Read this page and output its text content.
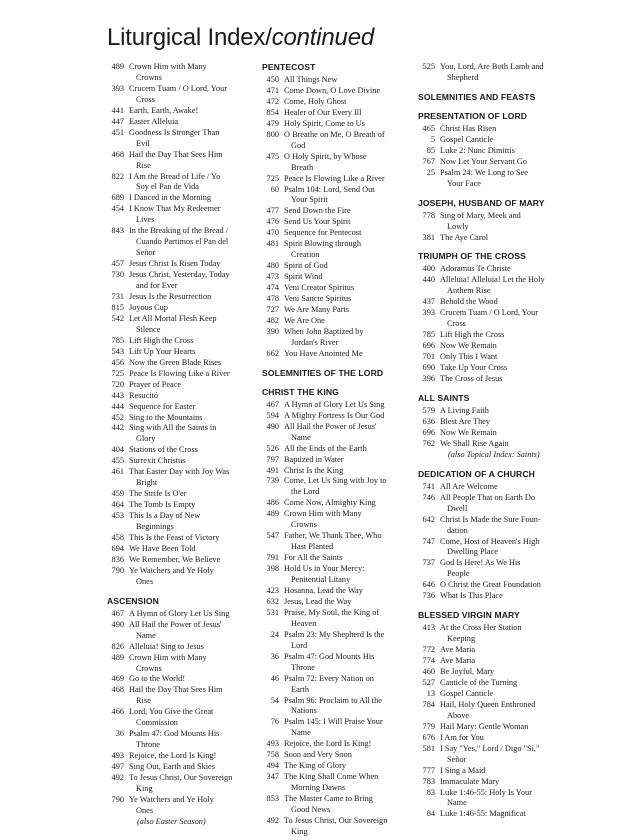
Liturgical Index/continued
489 Crown Him with Many
Crowns
393 Crucem Tuam / O Lord, Your
Cross
441 Earth, Earth, Awake!
447 Easter Alleluia
451 Goodness Is Stronger Than
Evil
468 Hail the Day That Sees Him
Rise
822 I Am the Bread of Life / Yo
Soy el Pan de Vida
689 I Danced in the Morning
454 I Know That My Redeemer
Lives
843 In the Breaking of the Bread /
Cuando Partimos el Pan del
Señor
457 Jesus Christ Is Risen Today
730 Jesus Christ, Yesterday, Today
and for Ever
731 Jesus Is the Resurrection
815 Joyous Cup
542 Let All Mortal Flesh Keep
Silence
785 Lift High the Cross
543 Lift Up Your Hearts
456 Now the Green Blade Rises
725 Peace Is Flowing Like a River
720 Prayer of Peace
443 Resucitó
444 Sequence for Easter
452 Sing to the Mountains
442 Sing with All the Saints in
Glory
404 Stations of the Cross
455 Surrexit Christus
461 That Easter Day with Joy Was
Bright
459 The Strife Is O'er
464 The Tomb Is Empty
453 This Is a Day of New
Beginnings
458 This Is the Feast of Victory
694 We Have Been Told
836 We Remember, We Believe
790 Ye Watchers and Ye Holy
Ones
ASCENSION
467 A Hymn of Glory Let Us Sing
490 All Hail the Power of Jesus'
Name
826 Alleluia! Sing to Jesus
489 Crown Him with Many
Crowns
469 Go to the World!
468 Hail the Day That Sees Him
Rise
466 Lord, You Give the Great
Commission
36 Psalm 47: God Mounts His
Throne
493 Rejoice, the Lord Is King!
497 Sing Out, Earth and Skies
492 To Jesus Christ, Our Sovereign
King
790 Ye Watchers and Ye Holy
Ones
(also Easter Season)
PENTECOST
450 All Things New
471 Come Down, O Love Divine
472 Come, Holy Ghost
854 Healer of Our Every Ill
479 Holy Spirit, Come to Us
800 O Breathe on Me, O Breath of
God
475 O Holy Spirit, by Whose
Breath
725 Peace Is Flowing Like a River
60 Psalm 104: Lord, Send Out
Your Spirit
477 Send Down the Fire
476 Send Us Your Spirit
470 Sequence for Pentecost
481 Spirit Blowing through
Creation
480 Spirit of God
473 Spirit Wind
474 Veni Creator Spiritus
478 Veni Sancte Spiritus
727 We Are Many Parts
482 We Are One
390 When John Baptized by
Jordan's River
662 You Have Anointed Me
SOLEMNITIES OF THE LORD
CHRIST THE KING
467 A Hymn of Glory Let Us Sing
594 A Mighty Fortress Is Our God
490 All Hail the Power of Jesus'
Name
526 All the Ends of the Earth
797 Baptized in Water
491 Christ Is the King
739 Come, Let Us Sing with Joy to
the Lord
486 Come Now, Almighty King
489 Crown Him with Many
Crowns
547 Father, We Thank Thee, Who
Hast Planted
791 For All the Saints
398 Hold Us in Your Mercy:
Penitential Litany
423 Hosanna, Lead the Way
632 Jesus, Lead the Way
531 Praise, My Soul, the King of
Heaven
24 Psalm 23: My Shepherd Is the
Lord
36 Psalm 47: God Mounts His
Throne
46 Psalm 72: Every Nation on
Earth
54 Psalm 96: Proclaim to All the
Nations
76 Psalm 145: I Will Praise Your
Name
493 Rejoice, the Lord Is King!
758 Soon and Very Soon
494 The King of Glory
347 The King Shall Come When
Morning Dawns
853 The Master Came to Bring
Good News
492 To Jesus Christ, Our Sovereign
King
525 You, Lord, Are Both Lamb and
Shepherd
SOLEMNITIES AND FEASTS
PRESENTATION OF LORD
465 Christ Has Risen
5 Gospel Canticle
85 Luke 2: Nunc Dimittis
767 Now Let Your Servant Go
25 Psalm 24: We Long to See
Your Face
JOSEPH, HUSBAND OF MARY
778 Sing of Mary, Meek and
Lowly
381 The Aye Carol
TRIUMPH OF THE CROSS
400 Adoramus Te Christe
440 Alleluia! Alleluia! Let the Holy
Anthem Rise
437 Behold the Wood
393 Crucem Tuam / O Lord, Your
Cross
785 Lift High the Cross
696 Now We Remain
701 Only This I Want
690 Take Up Your Cross
396 The Cross of Jesus
ALL SAINTS
579 A Living Faith
636 Blest Are They
696 Now We Remain
762 We Shall Rise Again
(also Topical Index: Saints)
DEDICATION OF A CHURCH
741 All Are Welcome
746 All People That on Earth Do
Dwell
642 Christ Is Made the Sure Foun-
dation
747 Come, Host of Heaven's High
Dwelling Place
737 God Is Here! As We His
People
646 O Christ the Great Foundation
736 What Is This Place
BLESSED VIRGIN MARY
413 At the Cross Her Station
Keeping
772 Ave Maria
774 Ave Maria
460 Be Joyful, Mary
527 Canticle of the Turning
13 Gospel Canticle
784 Hail, Holy Queen Enthroned
Above
779 Hail Mary: Gentle Woman
676 I Am for You
581 I Say "Yes," Lord / Digo "Sí,"
Señor
777 I Sing a Maid
783 Immaculate Mary
83 Luke 1:46-55: Holy Is Your
Name
84 Luke 1:46-55: Magnificat
